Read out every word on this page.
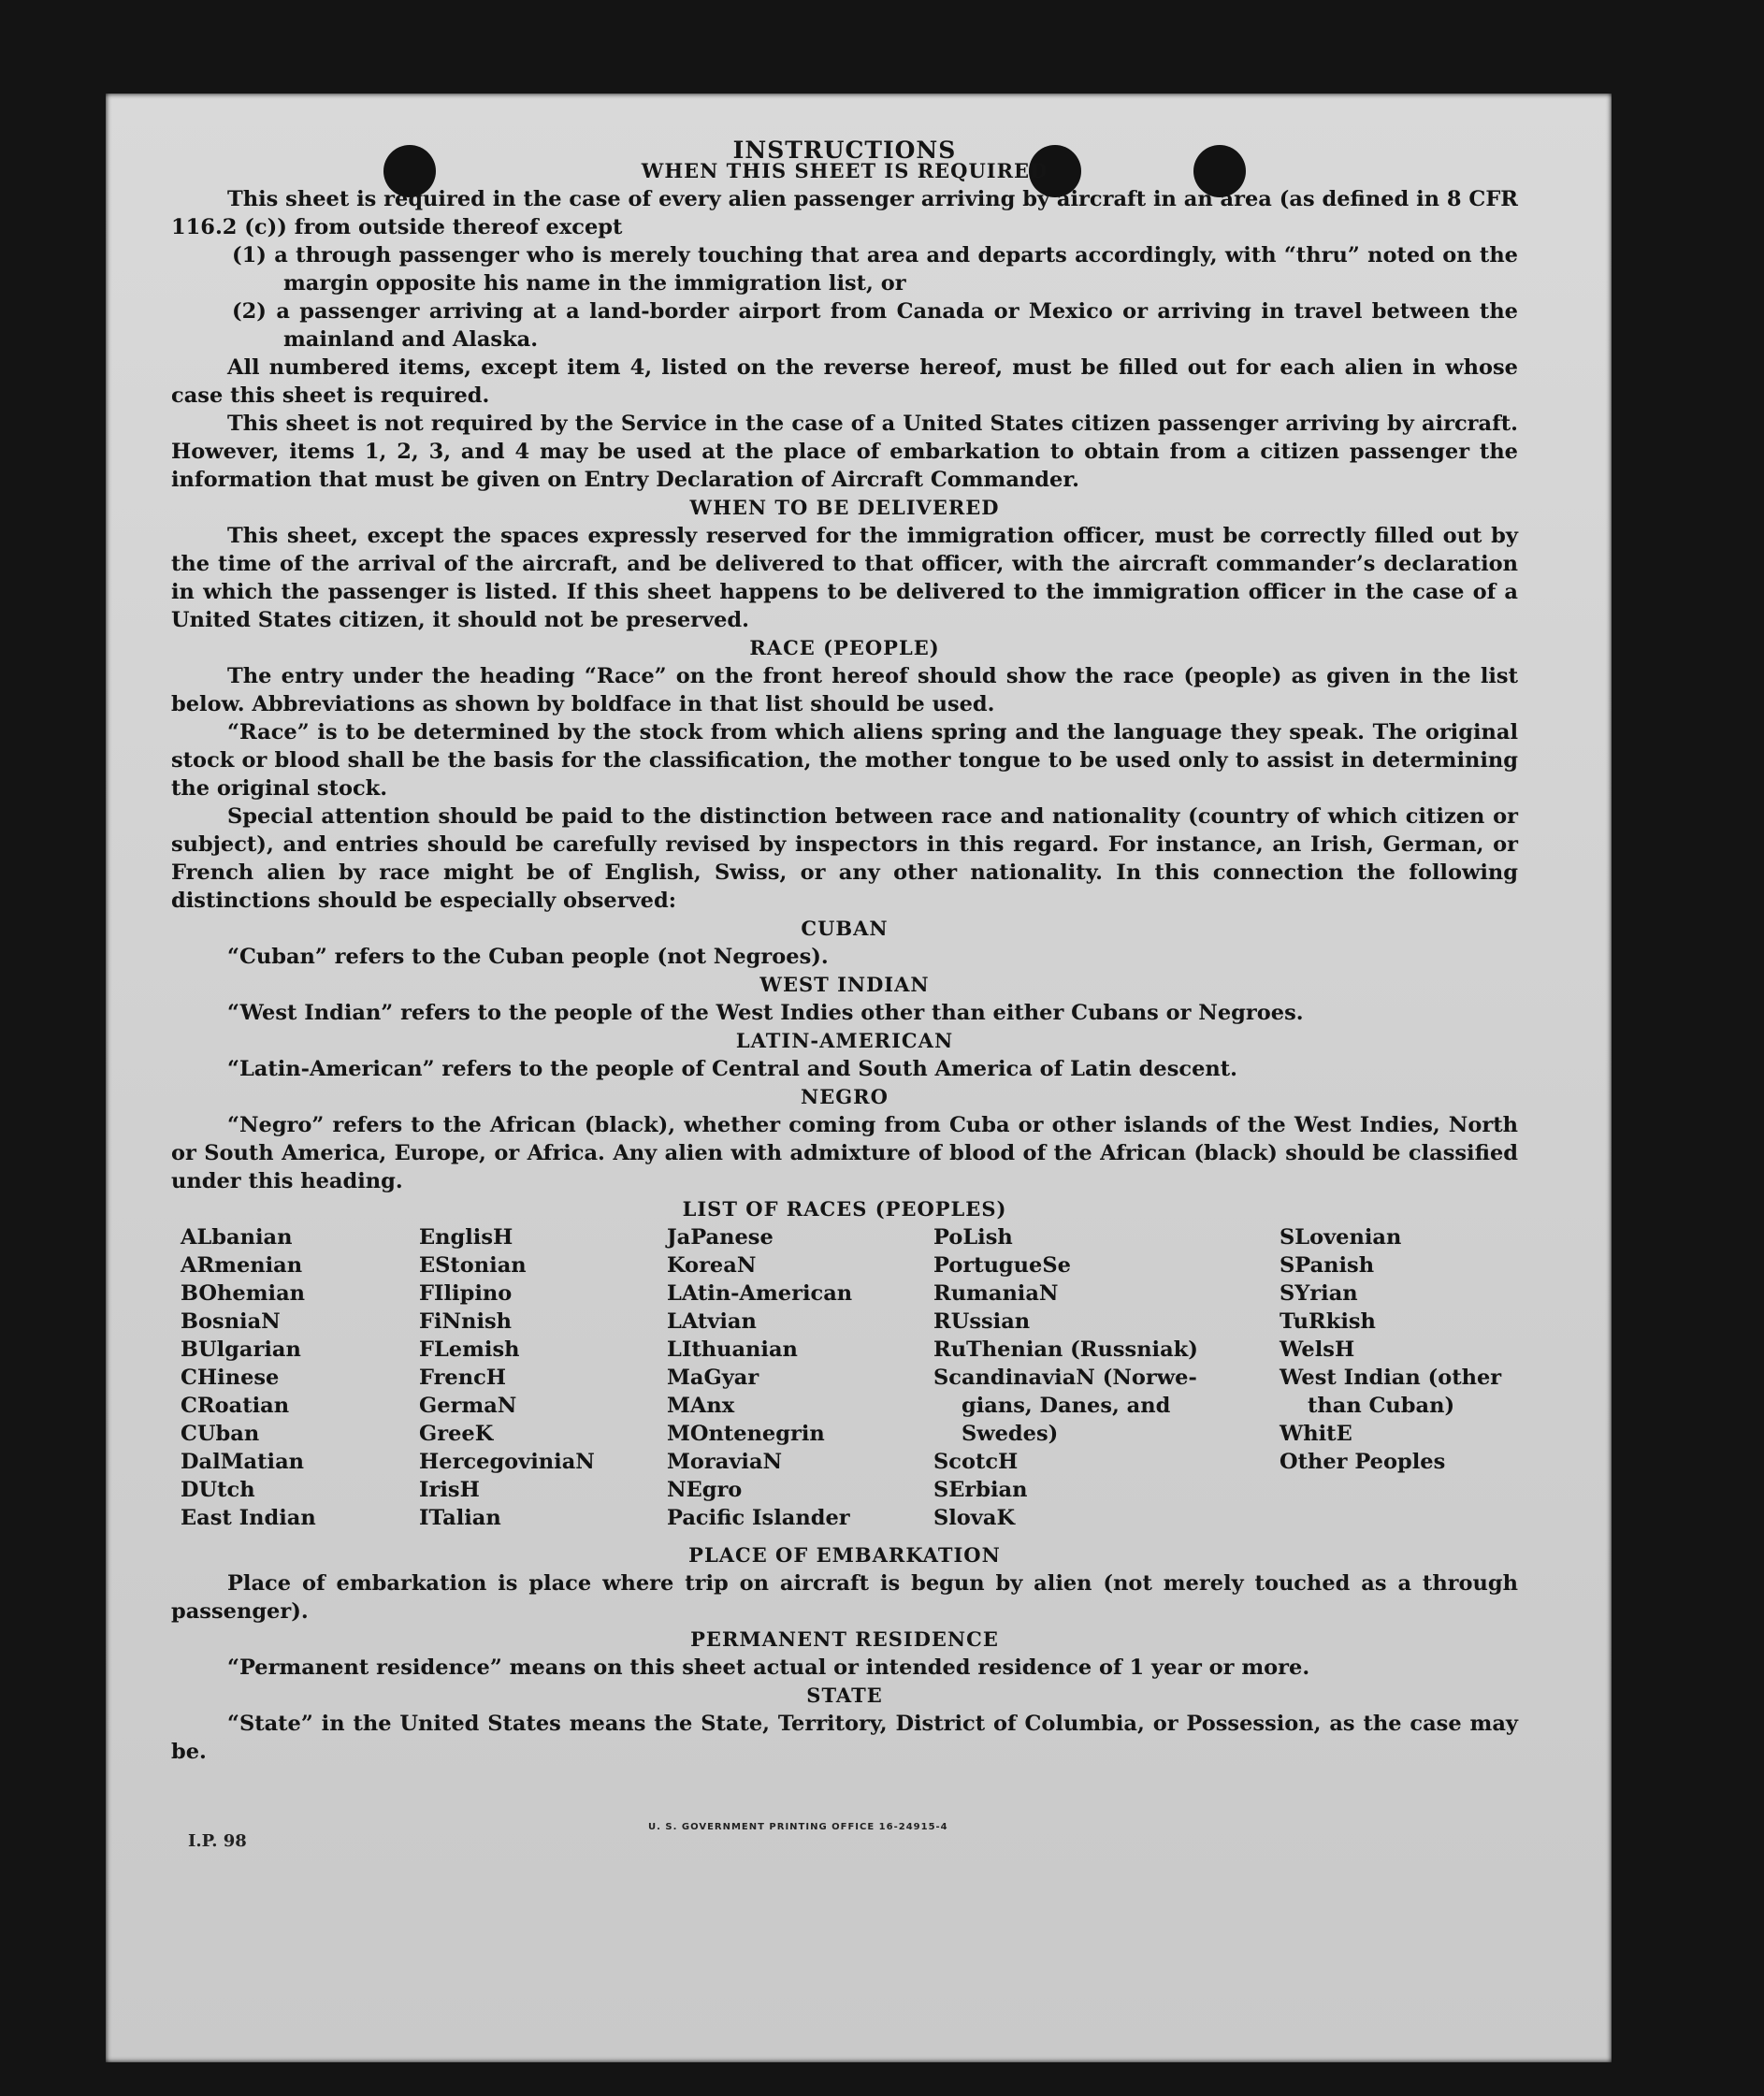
INSTRUCTIONS
WHEN THIS SHEET IS REQUIRED

This sheet is required in the case of every alien passenger arriving by aircraft in an area (as defined in 8 CFR 116.2 (c)) from outside thereof except

(1) a through passenger who is merely touching that area and departs accordingly, with “thru” noted on the margin opposite his name in the immigration list, or
(2) a passenger arriving at a land-border airport from Canada or Mexico or arriving in travel between the mainland and Alaska.

All numbered items, except item 4, listed on the reverse hereof, must be filled out for each alien in whose case this sheet is required.

This sheet is not required by the Service in the case of a United States citizen passenger arriving by aircraft. However, items 1, 2, 3, and 4 may be used at the place of embarkation to obtain from a citizen passenger the information that must be given on Entry Declaration of Aircraft Commander.

WHEN TO BE DELIVERED

This sheet, except the spaces expressly reserved for the immigration officer, must be correctly filled out by the time of the arrival of the aircraft, and be delivered to that officer, with the aircraft commander’s declaration in which the passenger is listed. If this sheet happens to be delivered to the immigration officer in the case of a United States citizen, it should not be preserved.

RACE (PEOPLE)

The entry under the heading “Race” on the front hereof should show the race (people) as given in the list below. Abbreviations as shown by boldface in that list should be used.

“Race” is to be determined by the stock from which aliens spring and the language they speak. The original stock or blood shall be the basis for the classification, the mother tongue to be used only to assist in determining the original stock.

Special attention should be paid to the distinction between race and nationality (country of which citizen or subject), and entries should be carefully revised by inspectors in this regard. For instance, an Irish, German, or French alien by race might be of English, Swiss, or any other nationality. In this connection the following distinctions should be especially observed:

CUBAN

“Cuban” refers to the Cuban people (not Negroes).

WEST INDIAN

“West Indian” refers to the people of the West Indies other than either Cubans or Negroes.

LATIN-AMERICAN

“Latin-American” refers to the people of Central and South America of Latin descent.

NEGRO

“Negro” refers to the African (black), whether coming from Cuba or other islands of the West Indies, North or South America, Europe, or Africa. Any alien with admixture of blood of the African (black) should be classified under this heading.

LIST OF RACES (PEOPLES)
ALbanian
ARmenian
BOhemian
BosniaN
BUlgarian
CHinese
CRoatian
CUban
DalMatian
DUtch
East Indian
EnglisH
EStonian
FIlipino
FiNnish
FLemish
FrencH
GermaN
GreeK
HercegoviniaN
IrisH
ITalian
JaPanese
KoreaN
LAtin-American
LAtvian
LIthuanian
MaGyar
MAnx
MOntenegrin
MoraviaN
NEgro
Pacific Islander
PoLish
PortugueSe
RumaniaN
RUssian
RuThenian (Russniak)
ScandinaviaN (Norwe-
gians, Danes, and
Swedes)
ScotcH
SErbian
SlovaK
SLovenian
SPanish
SYrian
TuRkish
WelsH
West Indian (other
than Cuban)
WhitE
Other Peoples
PLACE OF EMBARKATION

Place of embarkation is place where trip on aircraft is begun by alien (not merely touched as a through passenger).

PERMANENT RESIDENCE

“Permanent residence” means on this sheet actual or intended residence of 1 year or more.

STATE

“State” in the United States means the State, Territory, District of Columbia, or Possession, as the case may be.

I.P. 98
U. S. GOVERNMENT PRINTING OFFICE 16-24915-4
